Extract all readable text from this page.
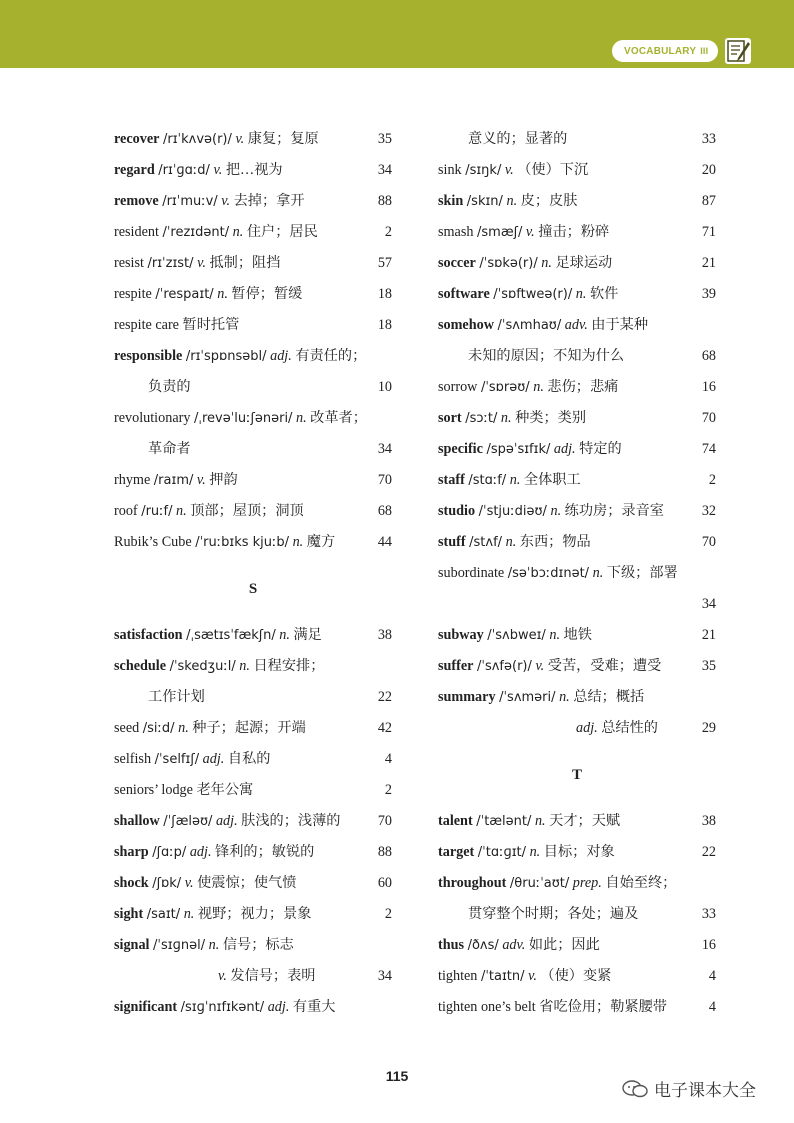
VOCABULARY III
recover /rɪˈkʌvə(r)/ v. 康复；复原	35
regard /rɪˈɡɑːd/ v. 把…视为	34
remove /rɪˈmuːv/ v. 去掉；拿开	88
resident /ˈrezɪdənt/ n. 住户；居民	2
resist /rɪˈzɪst/ v. 抵制；阻挡	57
respite /ˈrespaɪt/ n. 暂停；暂缓	18
respite care 暂时托管	18
responsible /rɪˈspɒnsəbl/ adj. 有责任的；
负责的	10
revolutionary /ˌrevəˈluːʃənəri/ n. 改革者；
革命者	34
rhyme /raɪm/ v. 押韵	70
roof /ruːf/ n. 顶部；屋顶；洞顶	68
Rubik’s Cube /ˈruːbɪks kjuːb/ n. 魔方	44
S
satisfaction /ˌsætɪsˈfækʃn/ n. 满足	38
schedule /ˈskedʒuːl/ n. 日程安排；
工作计划	22
seed /siːd/ n. 种子；起源；开端	42
selfish /ˈselfɪʃ/ adj. 自私的	4
seniors’ lodge 老年公寓	2
shallow /ˈʃæləʊ/ adj. 肤浅的；浅薄的	70
sharp /ʃɑːp/ adj. 锋利的；敏锐的	88
shock /ʃɒk/ v. 使震惊；使气愤	60
sight /saɪt/ n. 视野；视力；景象	2
signal /ˈsɪɡnəl/ n. 信号；标志
v. 发信号；表明	34
significant /sɪɡˈnɪfɪkənt/ adj. 有重大
意义的；显著的	33
sink /sɪŋk/ v. （使）下沉	20
skin /skɪn/ n. 皮；皮肤	87
smash /smæʃ/ v. 撞击；粉碎	71
soccer /ˈsɒkə(r)/ n. 足球运动	21
software /ˈsɒftweə(r)/ n. 软件	39
somehow /ˈsʌmhaʊ/ adv. 由于某种
未知的原因；不知为什么	68
sorrow /ˈsɒrəʊ/ n. 悲伤；悲痛	16
sort /sɔːt/ n. 种类；类别	70
specific /spəˈsɪfɪk/ adj. 特定的	74
staff /stɑːf/ n. 全体职工	2
studio /ˈstjuːdiəʊ/ n. 练功房；录音室	32
stuff /stʌf/ n. 东西；物品	70
subordinate /səˈbɔːdɪnət/ n. 下级；部署
34
subway /ˈsʌbweɪ/ n. 地铁	21
suffer /ˈsʌfə(r)/ v. 受苦，受难；遭受	35
summary /ˈsʌməri/ n. 总结；概括
adj. 总结性的	29
T
talent /ˈtælənt/ n. 天才；天赋	38
target /ˈtɑːɡɪt/ n. 目标；对象	22
throughout /θruːˈaʊt/ prep. 自始至终；
贯穿整个时期；各处；遍及	33
thus /ðʌs/ adv. 如此；因此	16
tighten /ˈtaɪtn/ v. （使）变紧	4
tighten one’s belt 省吃俭用；勒紧腰带	4
115
电子课本大全
